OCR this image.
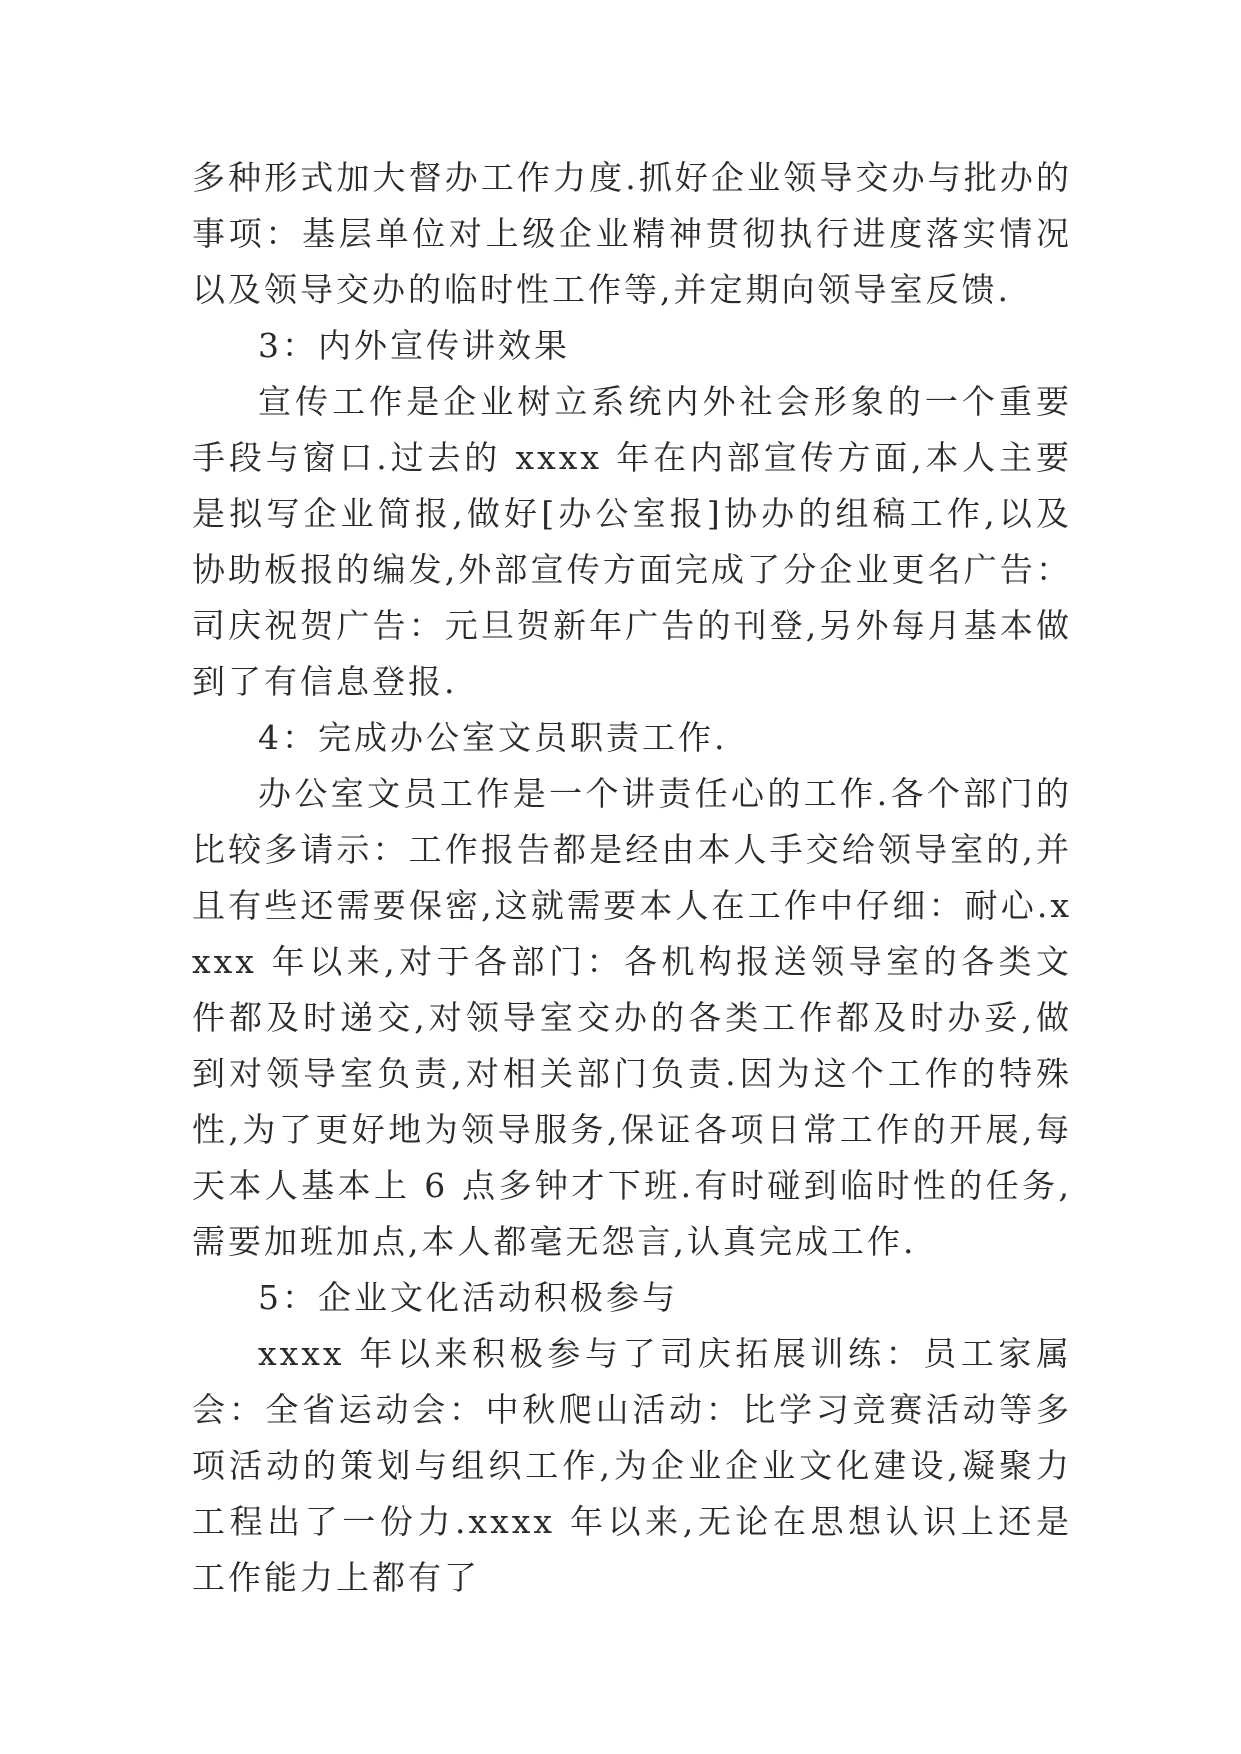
多种形式加大督办工作力度.抓好企业领导交办与批办的事项：基层单位对上级企业精神贯彻执行进度落实情况以及领导交办的临时性工作等,并定期向领导室反馈.

3：内外宣传讲效果

宣传工作是企业树立系统内外社会形象的一个重要手段与窗口.过去的 xxxx 年在内部宣传方面,本人主要是拟写企业简报,做好[办公室报]协办的组稿工作,以及协助板报的编发,外部宣传方面完成了分企业更名广告：司庆祝贺广告：元旦贺新年广告的刊登,另外每月基本做到了有信息登报.

4：完成办公室文员职责工作.

办公室文员工作是一个讲责任心的工作.各个部门的比较多请示：工作报告都是经由本人手交给领导室的,并且有些还需要保密,这就需要本人在工作中仔细：耐心.xxxx 年以来,对于各部门：各机构报送领导室的各类文件都及时递交,对领导室交办的各类工作都及时办妥,做到对领导室负责,对相关部门负责.因为这个工作的特殊性,为了更好地为领导服务,保证各项日常工作的开展,每天本人基本上 6 点多钟才下班.有时碰到临时性的任务,需要加班加点,本人都毫无怨言,认真完成工作.

5：企业文化活动积极参与

xxxx 年以来积极参与了司庆拓展训练：员工家属会：全省运动会：中秋爬山活动：比学习竞赛活动等多项活动的策划与组织工作,为企业企业文化建设,凝聚力工程出了一份力.xxxx 年以来,无论在思想认识上还是工作能力上都有了
